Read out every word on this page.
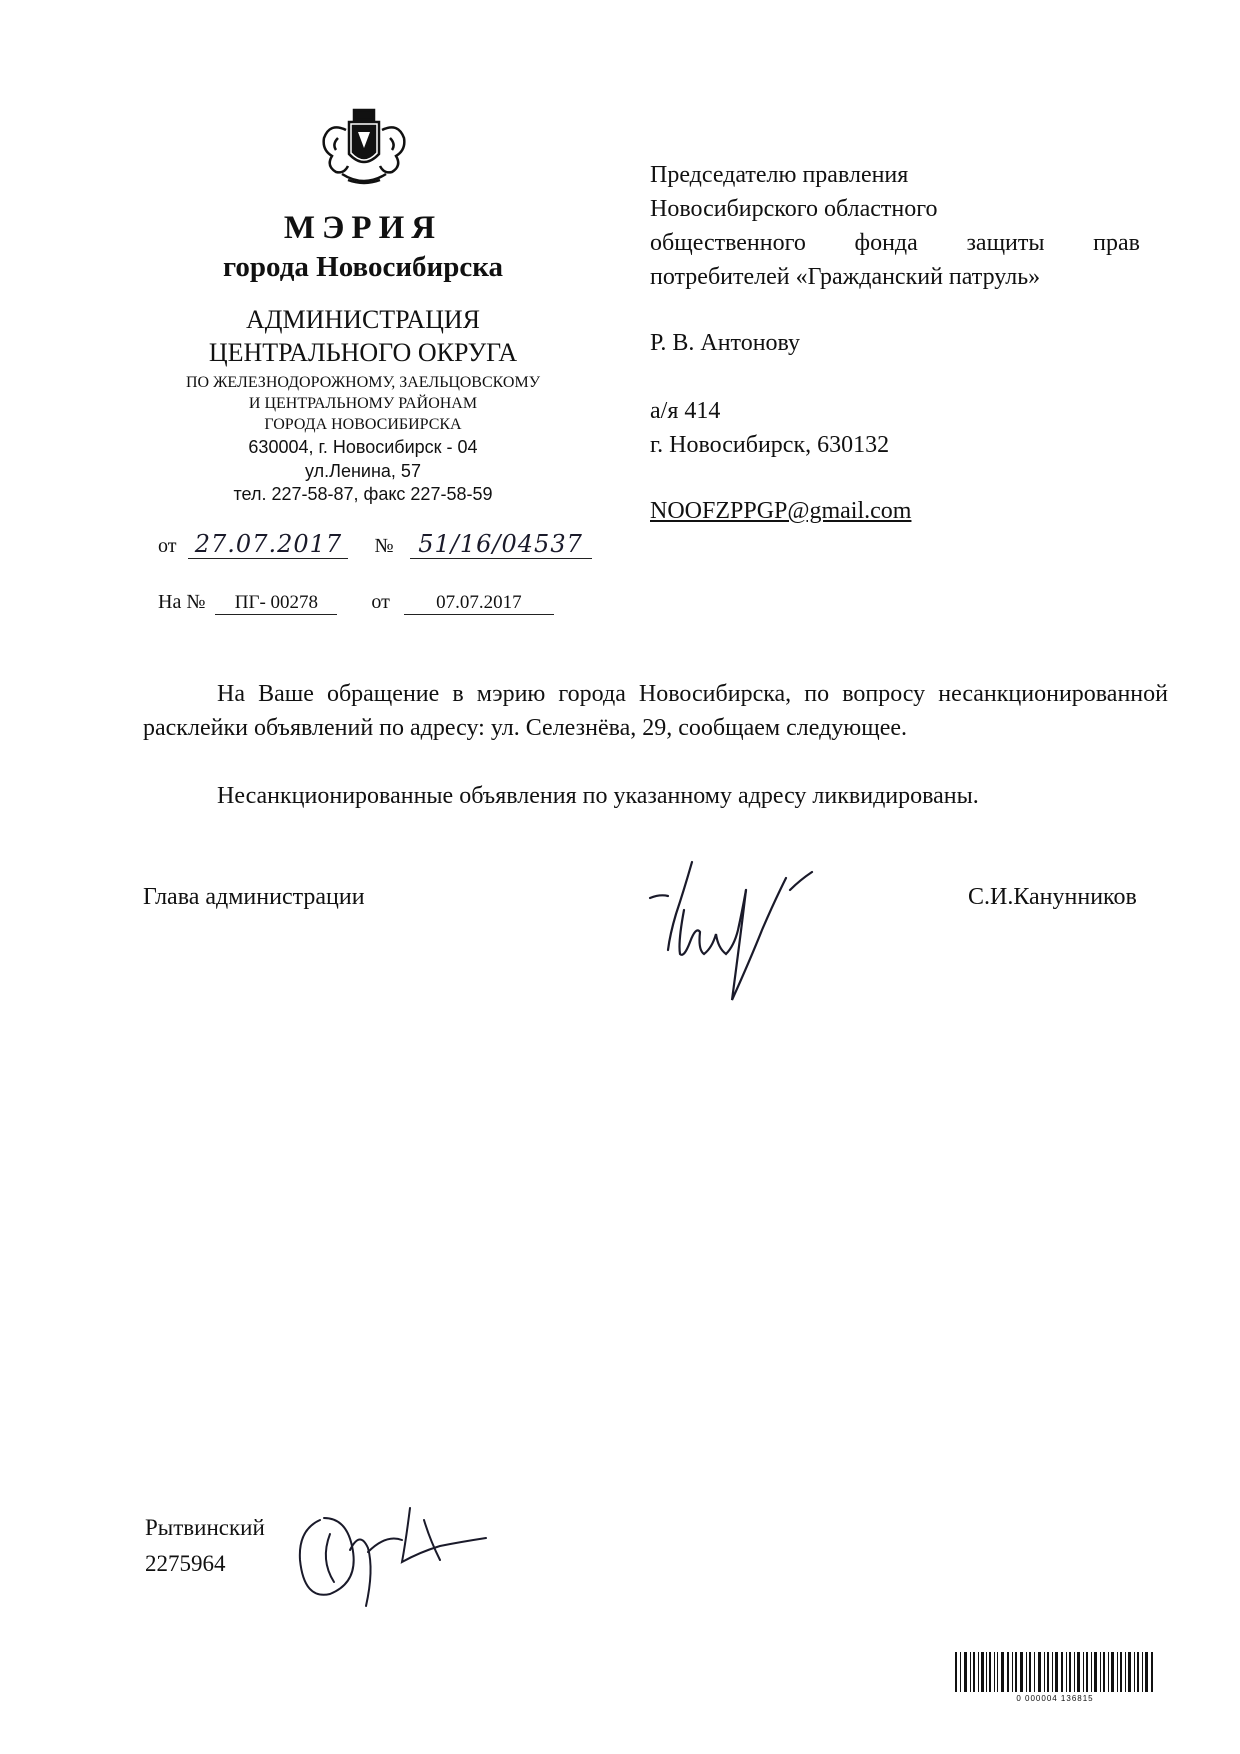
МЭРИЯ
города Новосибирска
АДМИНИСТРАЦИЯ
ЦЕНТРАЛЬНОГО ОКРУГА
ПО ЖЕЛЕЗНОДОРОЖНОМУ, ЗАЕЛЬЦОВСКОМУ
И ЦЕНТРАЛЬНОМУ РАЙОНАМ
ГОРОДА НОВОСИБИРСКА
630004, г. Новосибирск - 04
ул.Ленина, 57
тел. 227-58-87, факс 227-58-59
от 27.07.2017 № 51/16/04537
На № ПГ- 00278	от 07.07.2017
Председателю правления
Новосибирского областного
общественного фонда защиты прав
потребителей «Гражданский патруль»
Р. В. Антонову
а/я 414
г. Новосибирск, 630132
NOOFZPPGP@gmail.com
На Ваше обращение в мэрию города Новосибирска, по вопросу несанкционированной расклейки объявлений по адресу: ул. Селезнёва, 29, сообщаем следующее.
Несанкционированные объявления по указанному адресу ликвидированы.
Глава администрации	С.И.Канунников
Рытвинский
2275964
0 000004 136815
